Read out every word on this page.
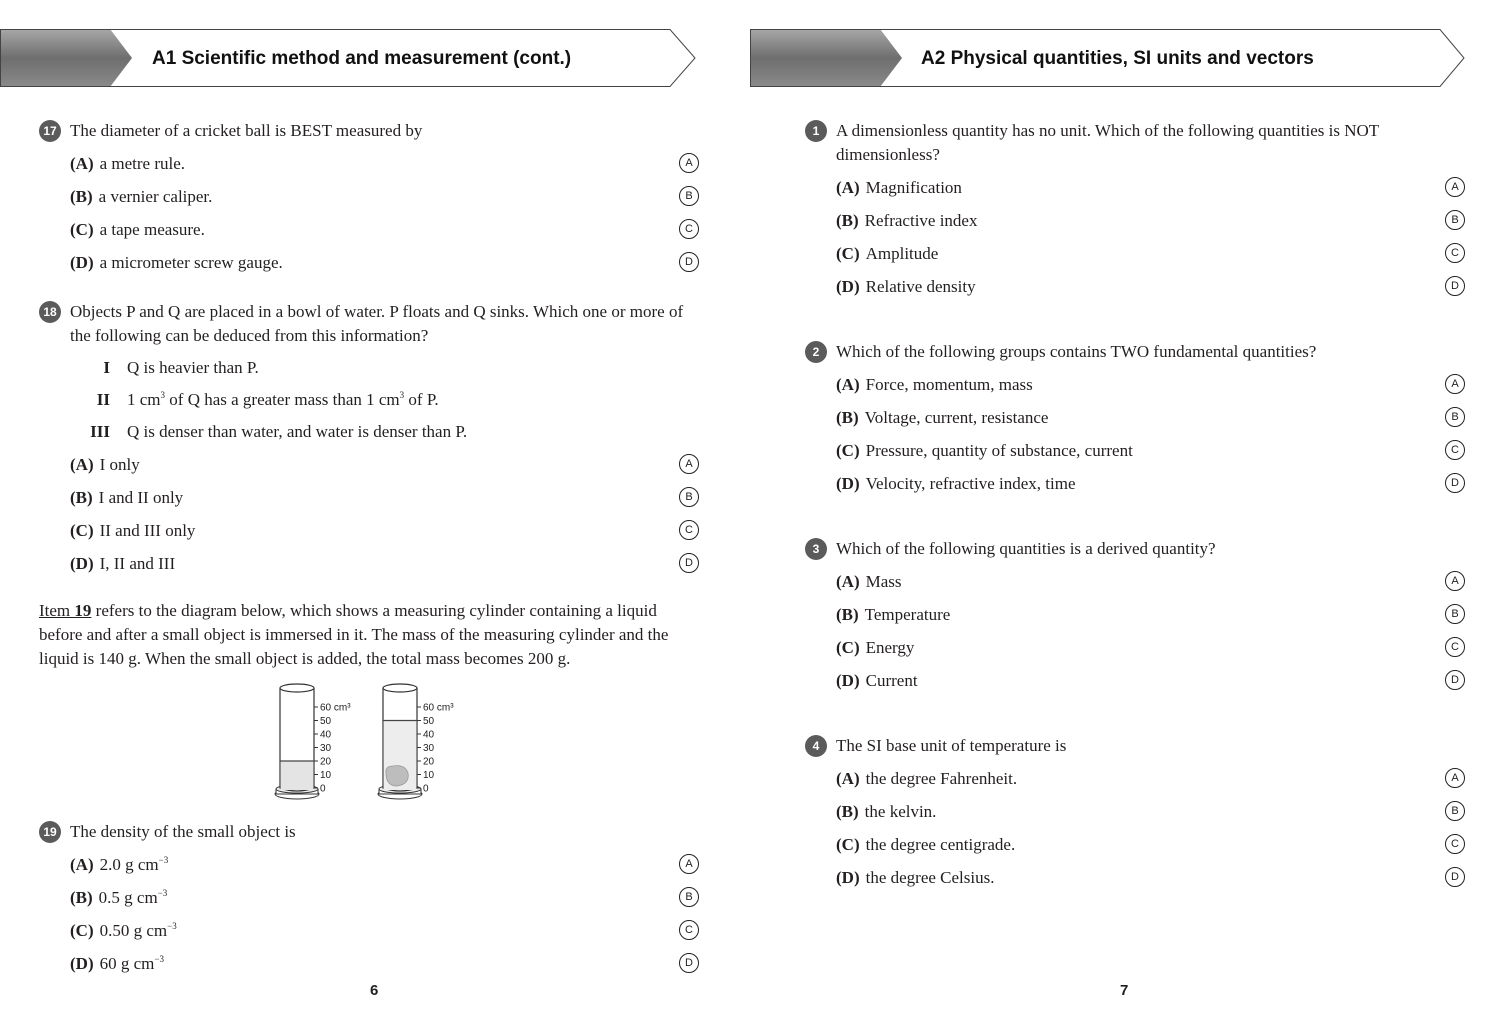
A1 Scientific method and measurement (cont.)
17 The diameter of a cricket ball is BEST measured by
(A) a metre rule.	A
(B) a vernier caliper.	B
(C) a tape measure.	C
(D) a micrometer screw gauge.	D
18 Objects P and Q are placed in a bowl of water. P floats and Q sinks. Which one or more of the following can be deduced from this information?
I Q is heavier than P.
II 1 $cm^3$ of Q has a greater mass than 1 $cm^3$ of P.
III Q is denser than water, and water is denser than P.
(A) I only	A
(B) I and II only	B
(C) II and III only	C
(D) I, II and III	D
Item 19 refers to the diagram below, which shows a measuring cylinder containing a liquid before and after a small object is immersed in it. The mass of the measuring cylinder and the liquid is 140 g. When the small object is added, the total mass becomes 200 g.
60 cm³
50
40
30
20
10
0
60 cm³
50
40
30
20
10
0
19 The density of the small object is
(A) 2.0 g $cm^{-3}$	A
(B) 0.5 g $cm^{-3}$	B
(C) 0.50 g $cm^{-3}$	C
(D) 60 g $cm^{-3}$	D
6
A2 Physical quantities, SI units and vectors
1 A dimensionless quantity has no unit. Which of the following quantities is NOT dimensionless?
(A) Magnification	A
(B) Refractive index	B
(C) Amplitude	C
(D) Relative density	D
2 Which of the following groups contains TWO fundamental quantities?
(A) Force, momentum, mass	A
(B) Voltage, current, resistance	B
(C) Pressure, quantity of substance, current	C
(D) Velocity, refractive index, time	D
3 Which of the following quantities is a derived quantity?
(A) Mass	A
(B) Temperature	B
(C) Energy	C
(D) Current	D
4 The SI base unit of temperature is
(A) the degree Fahrenheit.	A
(B) the kelvin.	B
(C) the degree centigrade.	C
(D) the degree Celsius.	D
7
